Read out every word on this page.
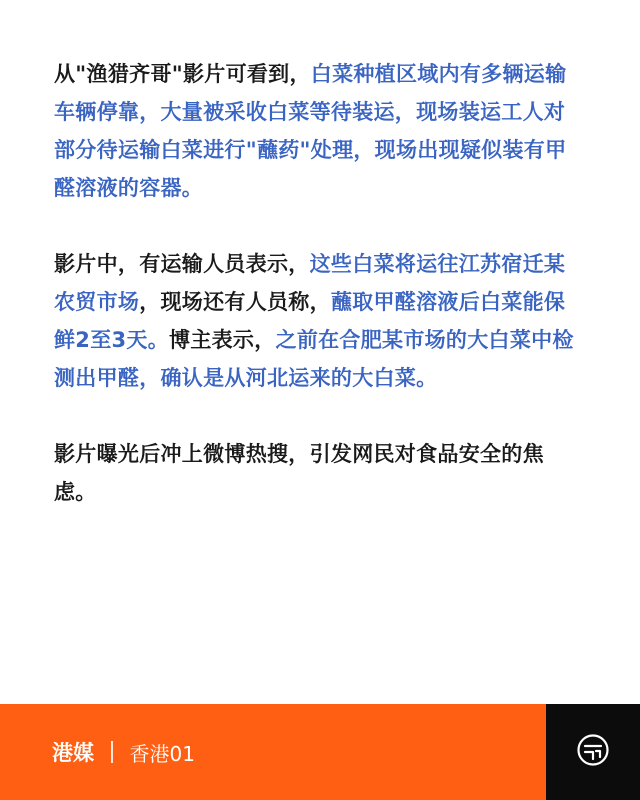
从"渔猎齐哥"影片可看到，白菜种植区域内有多辆运输车辆停靠，大量被采收白菜等待装运，现场装运工人对部分待运输白菜进行"蘸药"处理，现场出现疑似装有甲醛溶液的容器。

影片中，有运输人员表示，这些白菜将运往江苏宿迁某农贸市场，现场还有人员称，蘸取甲醛溶液后白菜能保鲜2至3天。博主表示，之前在合肥某市场的大白菜中检测出甲醛，确认是从河北运来的大白菜。

影片曝光后冲上微博热搜，引发网民对食品安全的焦虑。

港媒 香港01
